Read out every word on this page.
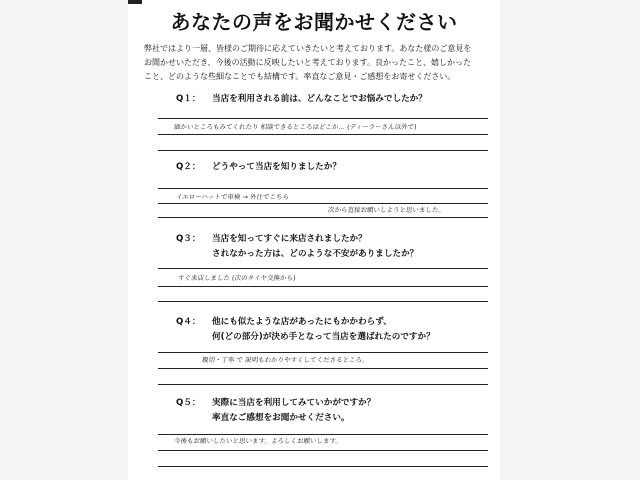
あなたの声をお聞かせください
弊社ではより一層、皆様のご期待に応えていきたいと考えております。あなた様のご意見を
お聞かせいただき、今後の活動に反映したいと考えております。良かったこと、嬉しかった
こと、どのような些細なことでも結構です。率直なご意見・ご感想をお寄せください。
Q１： 当店を利用される前は、どんなことでお悩みでしたか？
細かいところもみてくれたり 相談できるところはどこか… (ディーラーさん以外で)
Q２： どうやって当店を知りましたか？
イエローハットで車検 → 外注でこちら
次から直接お願いしようと思いました。
Q３： 当店を知ってすぐに来店されましたか？
されなかった方は、どのような不安がありましたか？
すぐ来店しました (次のタイヤ交換から)
Q４： 他にも似たような店があったにもかかわらず、
何(どの部分)が決め手となって当店を選ばれたのですか？
親切・丁寧 で 説明もわかりやすくしてくださるところ。
Q５： 実際に当店を利用してみていかがですか？
率直なご感想をお聞かせください。
今後もお願いしたいと思います。よろしくお願いします。
